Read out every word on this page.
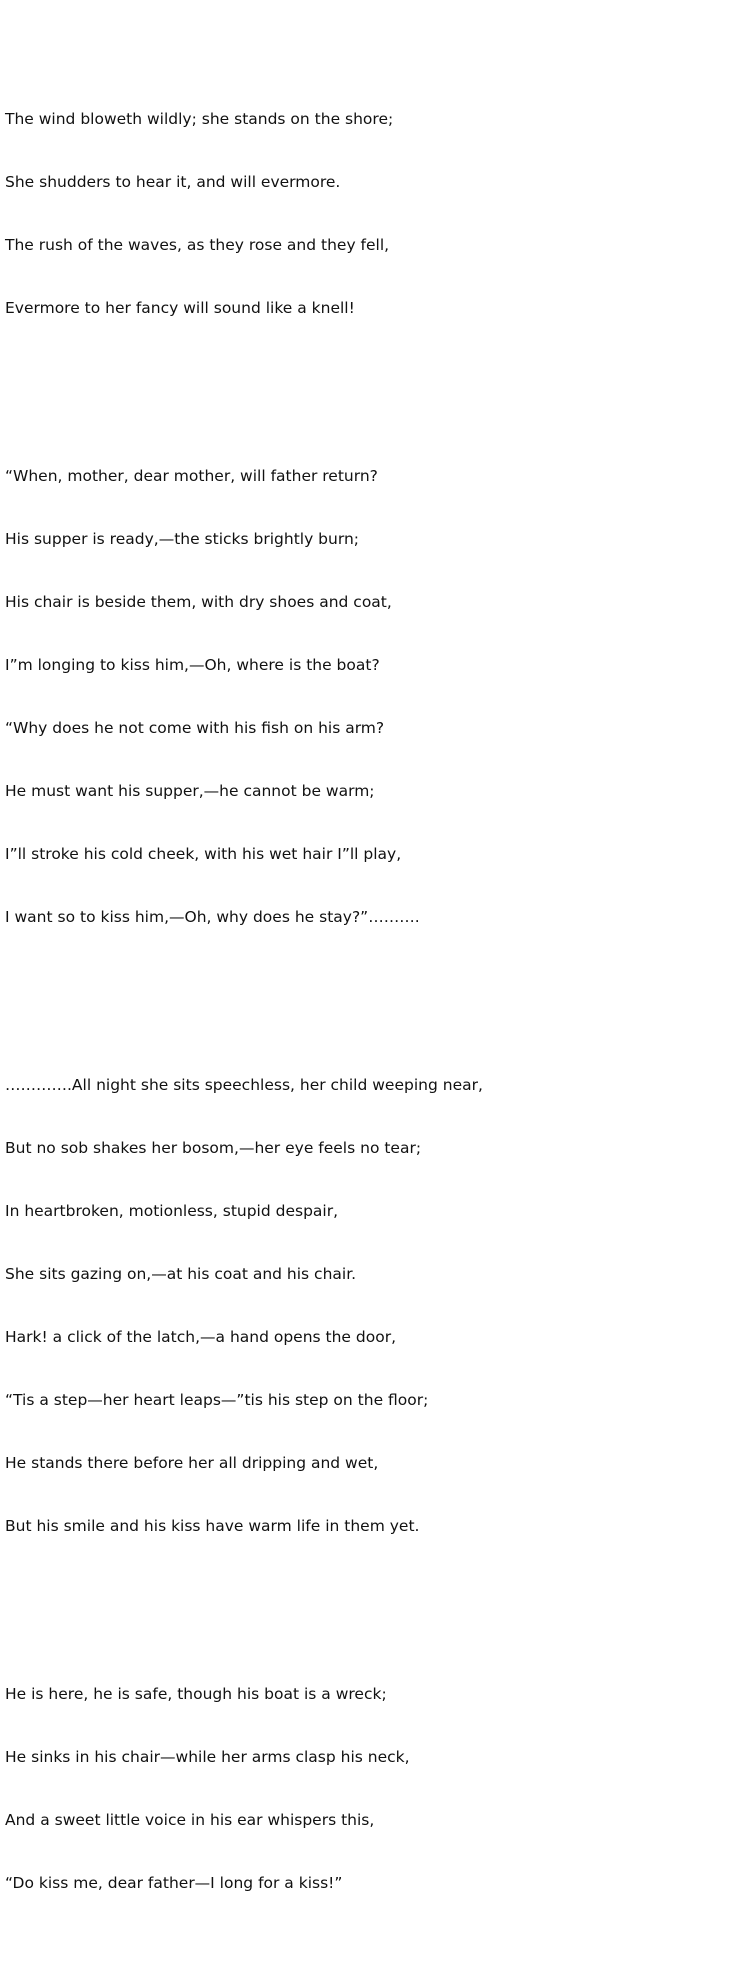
The wind bloweth wildly; she stands on the shore;

She shudders to hear it, and will evermore.

The rush of the waves, as they rose and they fell,

Evermore to her fancy will sound like a knell!

“When, mother, dear mother, will father return?

His supper is ready,—the sticks brightly burn;

His chair is beside them, with dry shoes and coat,

I”m longing to kiss him,—Oh, where is the boat?

“Why does he not come with his fish on his arm?

He must want his supper,—he cannot be warm;

I”ll stroke his cold cheek, with his wet hair I”ll play,

I want so to kiss him,—Oh, why does he stay?”……….

………….All night she sits speechless, her child weeping near,

But no sob shakes her bosom,—her eye feels no tear;

In heartbroken, motionless, stupid despair,

She sits gazing on,—at his coat and his chair.

Hark! a click of the latch,—a hand opens the door,

“Tis a step—her heart leaps—”tis his step on the floor;

He stands there before her all dripping and wet,

But his smile and his kiss have warm life in them yet.

He is here, he is safe, though his boat is a wreck;

He sinks in his chair—while her arms clasp his neck,

And a sweet little voice in his ear whispers this,

“Do kiss me, dear father—I long for a kiss!”
